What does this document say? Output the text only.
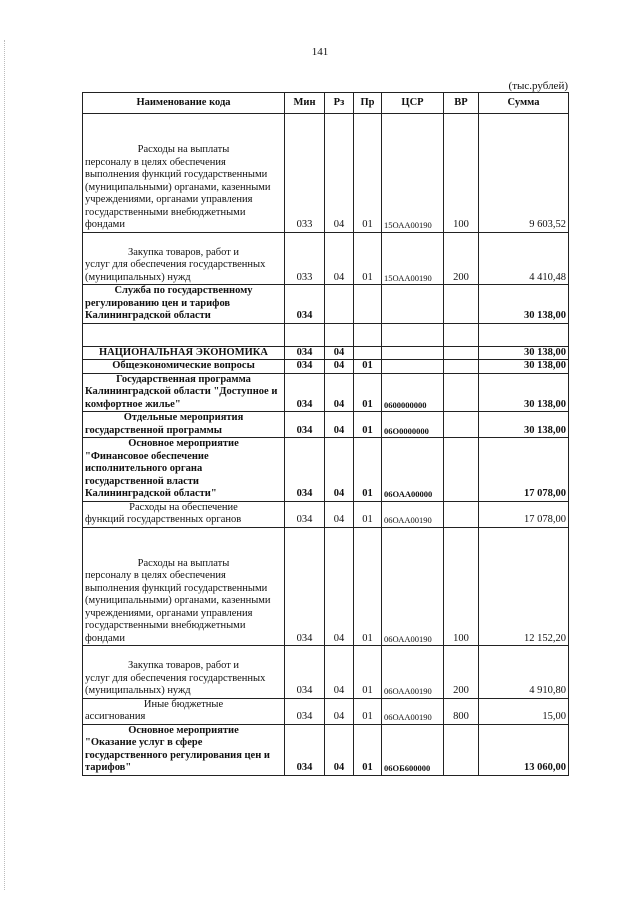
141
(тыс.рублей)
Наименование кода	Мин	Рз	Пр	ЦСР	ВР	Сумма

Расходы на выплаты
персоналу в целях обеспечения выполнения функций государственными (муниципальными) органами, казенными учреждениями, органами управления государственными внебюджетными фондами	033	04	01	15ОАА00190	100	9 603,52

Закупка товаров, работ и
услуг для обеспечения государственных (муниципальных) нужд	033	04	01	15ОАА00190	200	4 410,48

Служба по государственному
регулированию цен и тарифов Калининградской области	034					30 138,00

НАЦИОНАЛЬНАЯ ЭКОНОМИКА	034	04				30 138,00

Общеэкономические вопросы	034	04	01			30 138,00

Государственная программа
Калининградской области "Доступное и комфортное жилье"	034	04	01	0600000000		30 138,00

Отдельные мероприятия
государственной программы	034	04	01	06О0000000		30 138,00

Основное мероприятие
"Финансовое обеспечение исполнительного органа государственной власти Калининградской области"	034	04	01	06ОАА00000		17 078,00

Расходы на обеспечение
функций государственных органов	034	04	01	06ОАА00190		17 078,00

Расходы на выплаты
персоналу в целях обеспечения выполнения функций государственными (муниципальными) органами, казенными учреждениями, органами управления государственными внебюджетными фондами	034	04	01	06ОАА00190	100	12 152,20

Закупка товаров, работ и
услуг для обеспечения государственных (муниципальных) нужд	034	04	01	06ОАА00190	200	4 910,80

Иные бюджетные
ассигнования	034	04	01	06ОАА00190	800	15,00

Основное мероприятие
"Оказание услуг в сфере государственного регулирования цен и тарифов"	034	04	01	06ОБ600000		13 060,00
